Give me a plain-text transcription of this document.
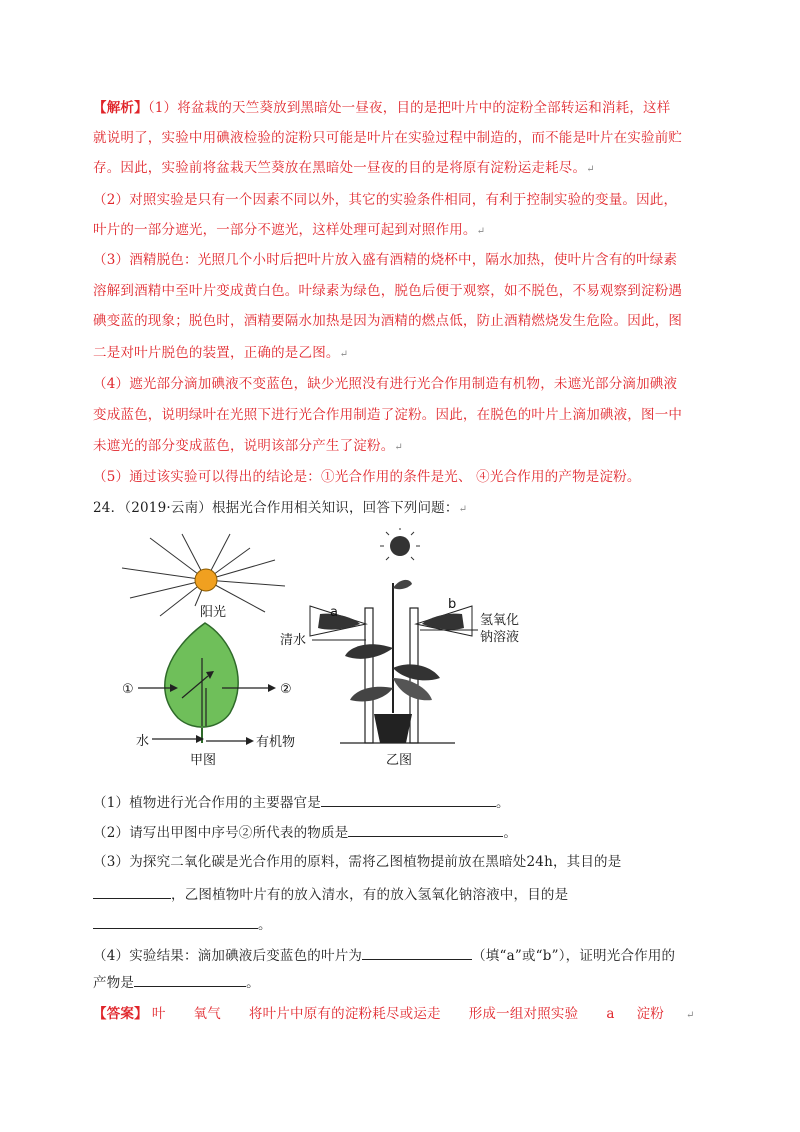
【解析】（1）将盆栽的天竺葵放到黑暗处一昼夜，目的是把叶片中的淀粉全部转运和消耗，这样
就说明了，实验中用碘液检验的淀粉只可能是叶片在实验过程中制造的，而不能是叶片在实验前贮
存。因此，实验前将盆栽天竺葵放在黑暗处一昼夜的目的是将原有淀粉运走耗尽。↵
（2）对照实验是只有一个因素不同以外，其它的实验条件相同，有利于控制实验的变量。因此，
叶片的一部分遮光，一部分不遮光，这样处理可起到对照作用。↵
（3）酒精脱色：光照几个小时后把叶片放入盛有酒精的烧杯中，隔水加热，使叶片含有的叶绿素
溶解到酒精中至叶片变成黄白色。叶绿素为绿色，脱色后便于观察，如不脱色，不易观察到淀粉遇
碘变蓝的现象；脱色时，酒精要隔水加热是因为酒精的燃点低，防止酒精燃烧发生危险。因此，图
二是对叶片脱色的装置，正确的是乙图。↵
（4）遮光部分滴加碘液不变蓝色，缺少光照没有进行光合作用制造有机物，未遮光部分滴加碘液
变成蓝色，说明绿叶在光照下进行光合作用制造了淀粉。因此，在脱色的叶片上滴加碘液，图一中
未遮光的部分变成蓝色，说明该部分产生了淀粉。↵
（5）通过该实验可以得出的结论是：①光合作用的条件是光、 ④光合作用的产物是淀粉。
24．（2019·云南）根据光合作用相关知识，回答下列问题：↵
阳光
①	②
水	有机物
甲图
a
b
清水
氢氧化
钠溶液
乙图
（1）植物进行光合作用的主要器官是	。
（2）请写出甲图中序号②所代表的物质是	。
（3）为探究二氧化碳是光合作用的原料，需将乙图植物提前放在黑暗处24h，其目的是
，乙图植物叶片有的放入清水，有的放入氢氧化钠溶液中，目的是
。
（4）实验结果：滴加碘液后变蓝色的叶片为	（填“a”或“b”），证明光合作用的
产物是	。
【答案】 叶 氧气 将叶片中原有的淀粉耗尽或运走 形成一组对照实验 a 淀粉 ↵
